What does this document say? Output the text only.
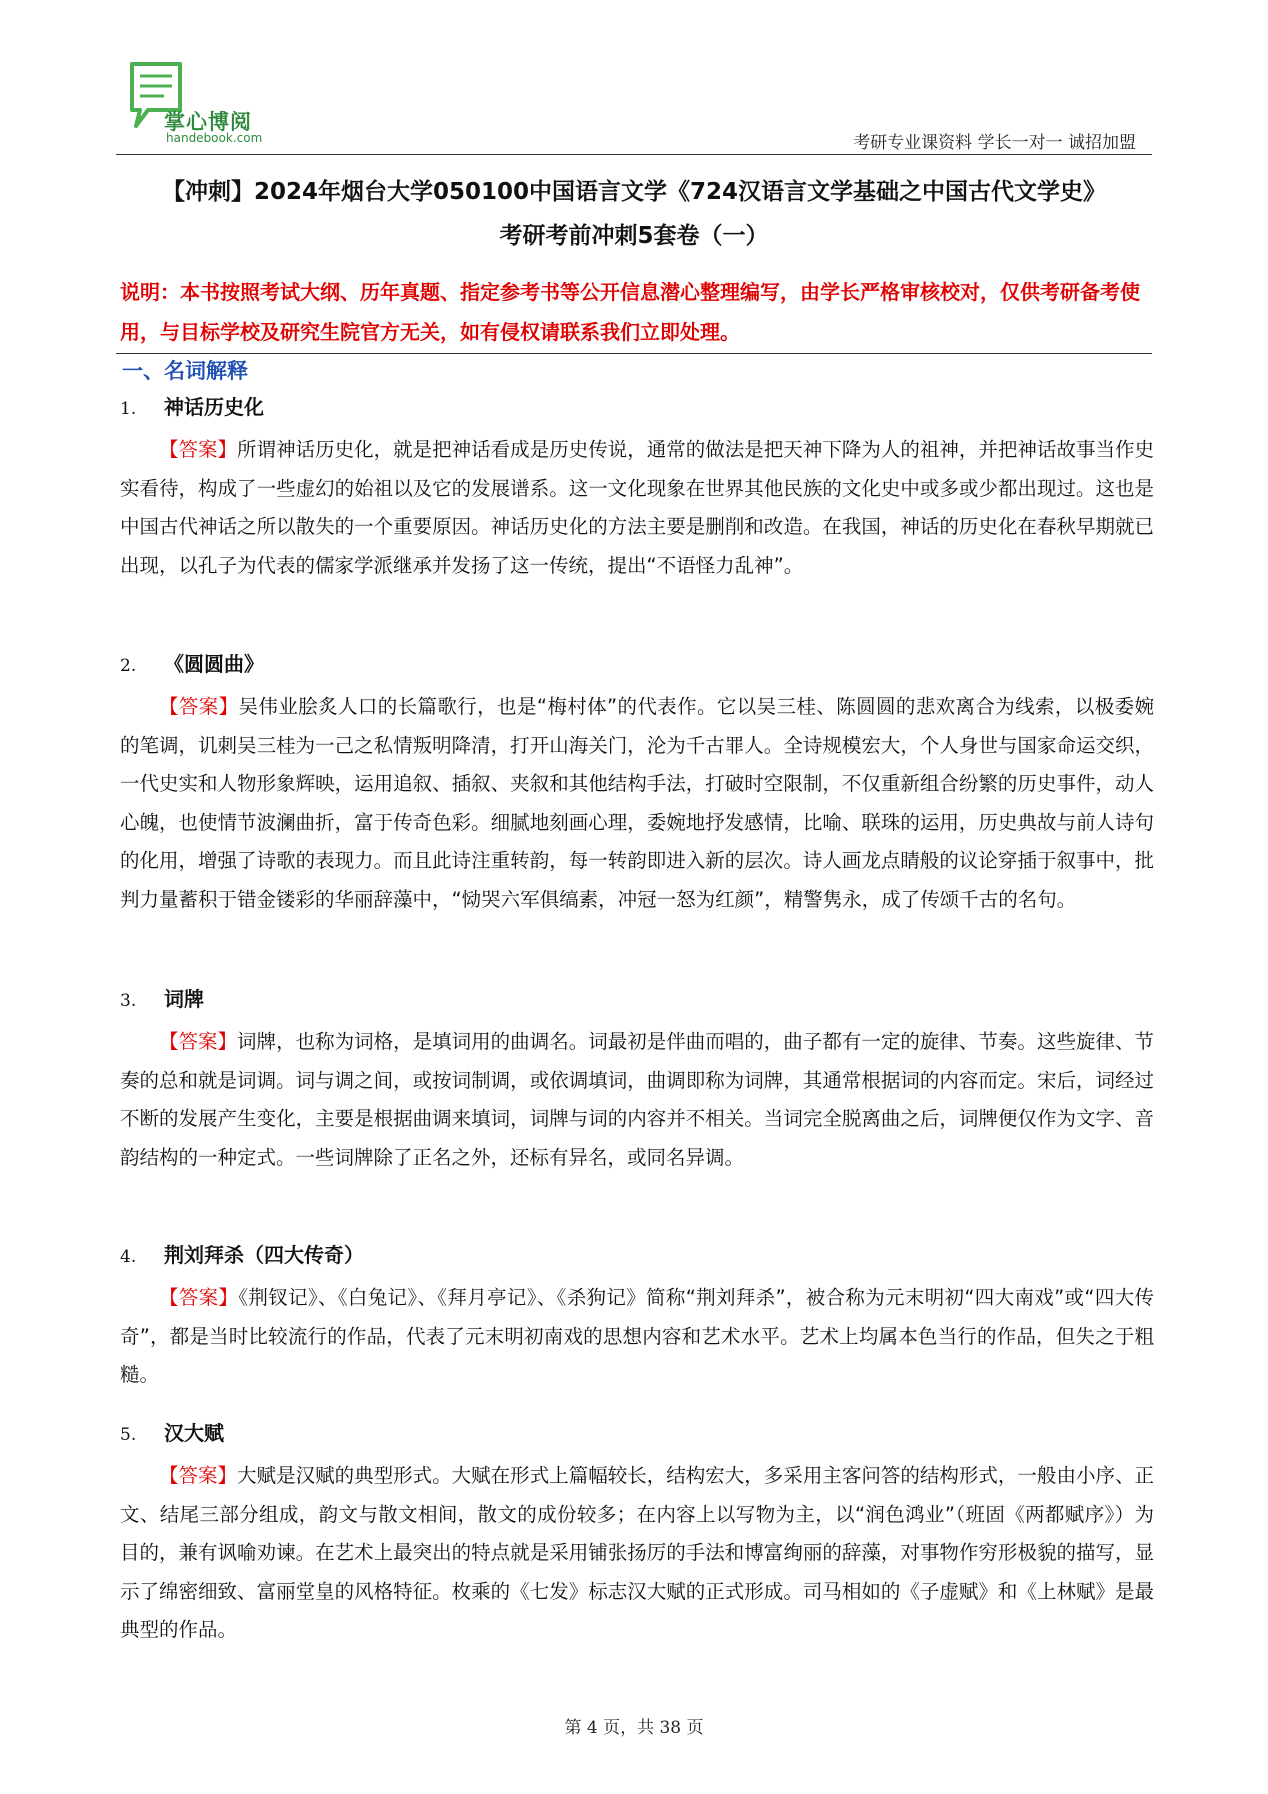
掌心博阅
handebook.com	考研专业课资料 学长一对一 诚招加盟
【冲刺】2024年烟台大学050100中国语言文学《724汉语言文学基础之中国古代文学史》
考研考前冲刺5套卷（一）
说明：本书按照考试大纲、历年真题、指定参考书等公开信息潜心整理编写，由学长严格审核校对，仅供考研备考使用，与目标学校及研究生院官方无关，如有侵权请联系我们立即处理。
一、名词解释
1. 神话历史化
【答案】所谓神话历史化，就是把神话看成是历史传说，通常的做法是把天神下降为人的祖神，并把神话故事当作史实看待，构成了一些虚幻的始祖以及它的发展谱系。这一文化现象在世界其他民族的文化史中或多或少都出现过。这也是中国古代神话之所以散失的一个重要原因。神话历史化的方法主要是删削和改造。在我国，神话的历史化在春秋早期就已出现，以孔子为代表的儒家学派继承并发扬了这一传统，提出“不语怪力乱神”。
2. 《圆圆曲》
【答案】吴伟业脍炙人口的长篇歌行，也是“梅村体”的代表作。它以吴三桂、陈圆圆的悲欢离合为线索，以极委婉的笔调，讥刺吴三桂为一己之私情叛明降清，打开山海关门，沦为千古罪人。全诗规模宏大，个人身世与国家命运交织，一代史实和人物形象辉映，运用追叙、插叙、夹叙和其他结构手法，打破时空限制，不仅重新组合纷繁的历史事件，动人心魄，也使情节波澜曲折，富于传奇色彩。细腻地刻画心理，委婉地抒发感情，比喻、联珠的运用，历史典故与前人诗句的化用，增强了诗歌的表现力。而且此诗注重转韵，每一转韵即进入新的层次。诗人画龙点睛般的议论穿插于叙事中，批判力量蓄积于错金镂彩的华丽辞藻中，“恸哭六军俱缟素，冲冠一怒为红颜”，精警隽永，成了传颂千古的名句。
3. 词牌
【答案】词牌，也称为词格，是填词用的曲调名。词最初是伴曲而唱的，曲子都有一定的旋律、节奏。这些旋律、节奏的总和就是词调。词与调之间，或按词制调，或依调填词，曲调即称为词牌，其通常根据词的内容而定。宋后，词经过不断的发展产生变化，主要是根据曲调来填词，词牌与词的内容并不相关。当词完全脱离曲之后，词牌便仅作为文字、音韵结构的一种定式。一些词牌除了正名之外，还标有异名，或同名异调。
4. 荆刘拜杀（四大传奇）
【答案】《荆钗记》、《白兔记》、《拜月亭记》、《杀狗记》简称“荆刘拜杀”，被合称为元末明初“四大南戏”或“四大传奇”，都是当时比较流行的作品，代表了元末明初南戏的思想内容和艺术水平。艺术上均属本色当行的作品，但失之于粗糙。
5. 汉大赋
【答案】大赋是汉赋的典型形式。大赋在形式上篇幅较长，结构宏大，多采用主客问答的结构形式，一般由小序、正文、结尾三部分组成，韵文与散文相间，散文的成份较多；在内容上以写物为主，以“润色鸿业”（班固《两都赋序》）为目的，兼有讽喻劝谏。在艺术上最突出的特点就是采用铺张扬厉的手法和博富绚丽的辞藻，对事物作穷形极貌的描写，显示了绵密细致、富丽堂皇的风格特征。枚乘的《七发》标志汉大赋的正式形成。司马相如的《子虚赋》和《上林赋》是最典型的作品。
第 4 页，共 38 页
